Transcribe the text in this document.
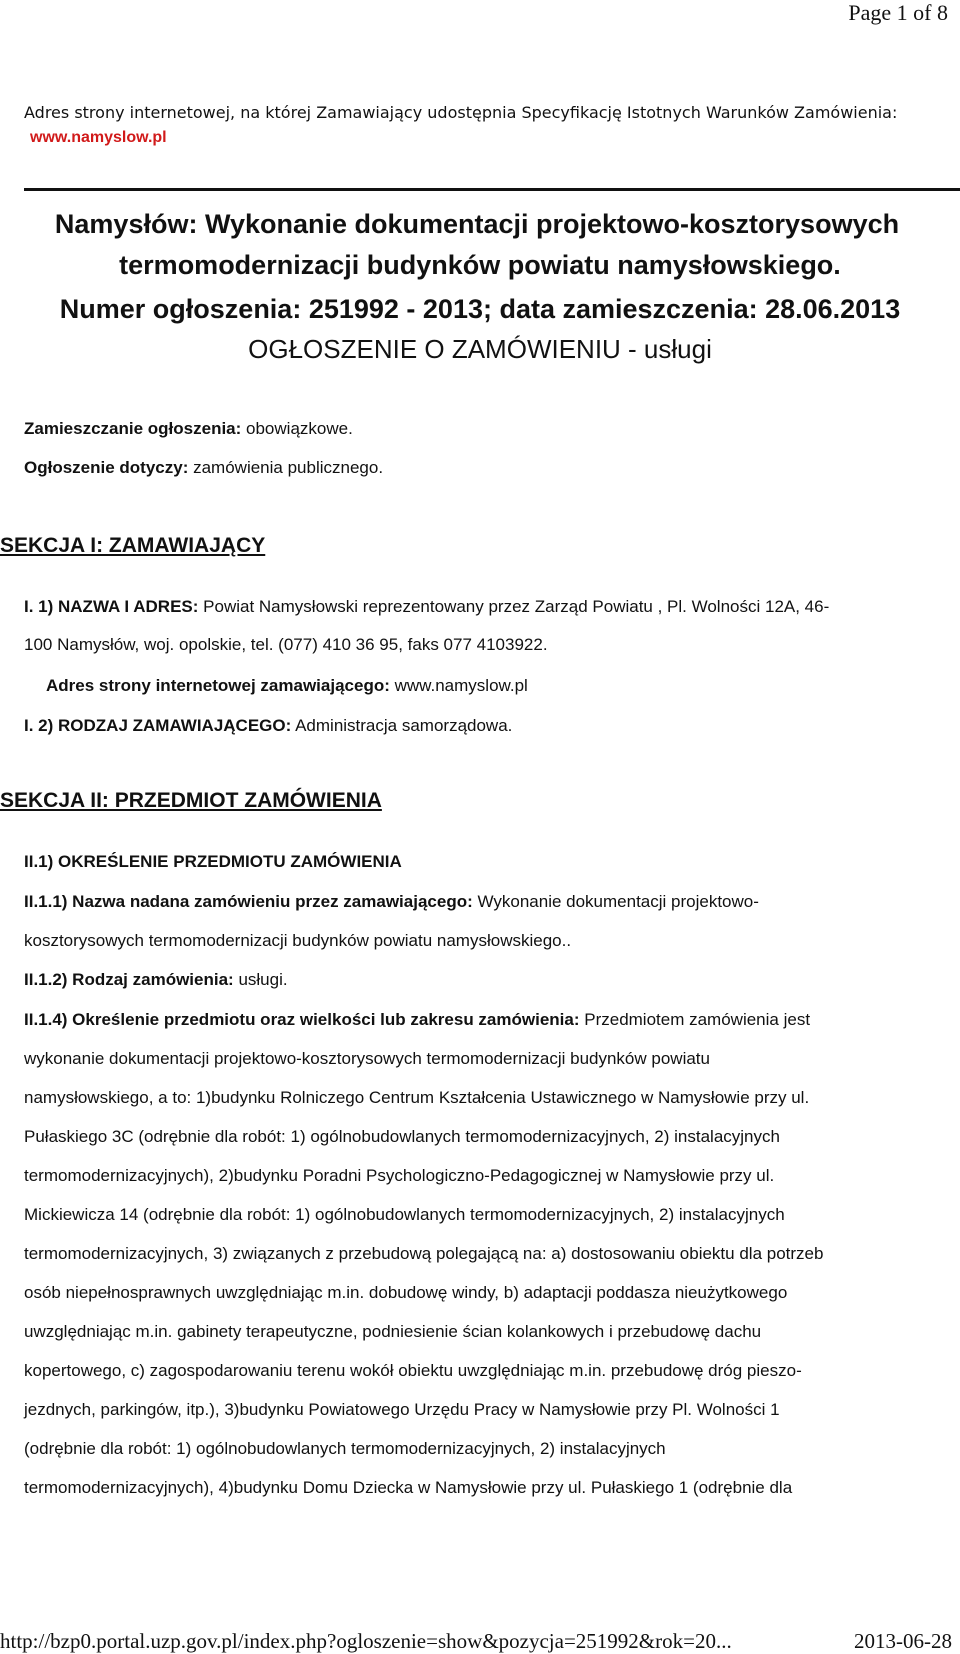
Page 1 of 8
Adres strony internetowej, na której Zamawiający udostępnia Specyfikację Istotnych Warunków Zamówienia:
www.namyslow.pl
Namysłów: Wykonanie dokumentacji projektowo-kosztorysowych
termomodernizacji budynków powiatu namysłowskiego.
Numer ogłoszenia: 251992 - 2013; data zamieszczenia: 28.06.2013
OGŁOSZENIE O ZAMÓWIENIU - usługi
Zamieszczanie ogłoszenia: obowiązkowe.
Ogłoszenie dotyczy: zamówienia publicznego.
SEKCJA I: ZAMAWIAJĄCY
I. 1) NAZWA I ADRES: Powiat Namysłowski reprezentowany przez Zarząd Powiatu , Pl. Wolności 12A, 46-
100 Namysłów, woj. opolskie, tel. (077) 410 36 95, faks 077 4103922.
Adres strony internetowej zamawiającego: www.namyslow.pl
I. 2) RODZAJ ZAMAWIAJĄCEGO: Administracja samorządowa.
SEKCJA II: PRZEDMIOT ZAMÓWIENIA
II.1) OKREŚLENIE PRZEDMIOTU ZAMÓWIENIA
II.1.1) Nazwa nadana zamówieniu przez zamawiającego: Wykonanie dokumentacji projektowo-
kosztorysowych termomodernizacji budynków powiatu namysłowskiego..
II.1.2) Rodzaj zamówienia: usługi.
II.1.4) Określenie przedmiotu oraz wielkości lub zakresu zamówienia: Przedmiotem zamówienia jest
wykonanie dokumentacji projektowo-kosztorysowych termomodernizacji budynków powiatu
namysłowskiego, a to: 1)budynku Rolniczego Centrum Kształcenia Ustawicznego w Namysłowie przy ul.
Pułaskiego 3C (odrębnie dla robót: 1) ogólnobudowlanych termomodernizacyjnych, 2) instalacyjnych
termomodernizacyjnych), 2)budynku Poradni Psychologiczno-Pedagogicznej w Namysłowie przy ul.
Mickiewicza 14 (odrębnie dla robót: 1) ogólnobudowlanych termomodernizacyjnych, 2) instalacyjnych
termomodernizacyjnych, 3) związanych z przebudową polegającą na: a) dostosowaniu obiektu dla potrzeb
osób niepełnosprawnych uwzględniając m.in. dobudowę windy, b) adaptacji poddasza nieużytkowego
uwzględniając m.in. gabinety terapeutyczne, podniesienie ścian kolankowych i przebudowę dachu
kopertowego, c) zagospodarowaniu terenu wokół obiektu uwzględniając m.in. przebudowę dróg pieszo-
jezdnych, parkingów, itp.), 3)budynku Powiatowego Urzędu Pracy w Namysłowie przy Pl. Wolności 1
(odrębnie dla robót: 1) ogólnobudowlanych termomodernizacyjnych, 2) instalacyjnych
termomodernizacyjnych), 4)budynku Domu Dziecka w Namysłowie przy ul. Pułaskiego 1 (odrębnie dla
http://bzp0.portal.uzp.gov.pl/index.php?ogloszenie=show&pozycja=251992&rok=20...	2013-06-28
